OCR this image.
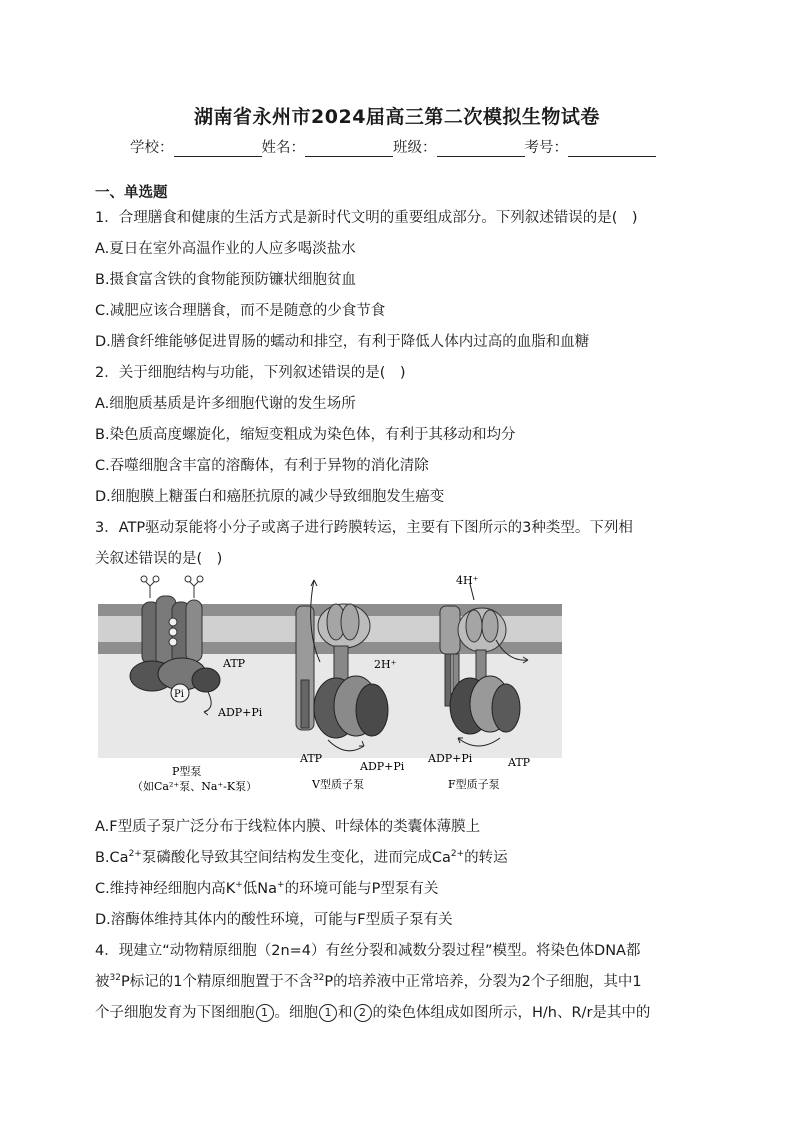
湖南省永州市2024届高三第二次模拟生物试卷
学校：	姓名：	班级：	考号：
一、单选题
1．合理膳食和健康的生活方式是新时代文明的重要组成部分。下列叙述错误的是(　)
A.夏日在室外高温作业的人应多喝淡盐水
B.摄食富含铁的食物能预防镰状细胞贫血
C.减肥应该合理膳食，而不是随意的少食节食
D.膳食纤维能够促进胃肠的蠕动和排空，有利于降低人体内过高的血脂和血糖
2．关于细胞结构与功能，下列叙述错误的是(　)
A.细胞质基质是许多细胞代谢的发生场所
B.染色质高度螺旋化，缩短变粗成为染色体，有利于其移动和均分
C.吞噬细胞含丰富的溶酶体，有利于异物的消化清除
D.细胞膜上糖蛋白和癌胚抗原的减少导致细胞发生癌变
3．ATP驱动泵能将小分子或离子进行跨膜转运，主要有下图所示的3种类型。下列相
关叙述错误的是(　)
ATP
Pi
ADP+Pi
2H⁺
ATP
ADP+Pi
4H⁺
ADP+Pi	ATP
P型泵
（如Ca²⁺泵、Na⁺-K泵）	V型质子泵	F型质子泵
A.F型质子泵广泛分布于线粒体内膜、叶绿体的类囊体薄膜上
$B.Ca^{2+}$泵磷酸化导致其空间结构发生变化，进而完成$Ca^{2+}$的转运
C.维持神经细胞内高K+低Na+的环境可能与P型泵有关
D.溶酶体维持其体内的酸性环境，可能与F型质子泵有关
4．现建立“动物精原细胞（2n=4）有丝分裂和减数分裂过程”模型。将染色体DNA都
被$^{32}$P标记的1个精原细胞置于不含$^{32}$P的培养液中正常培养，分裂为2个子细胞，其中1
个子细胞发育为下图细胞 1 。细胞 1 和 2 的染色体组成如图所示，H/h、R/r是其中的
